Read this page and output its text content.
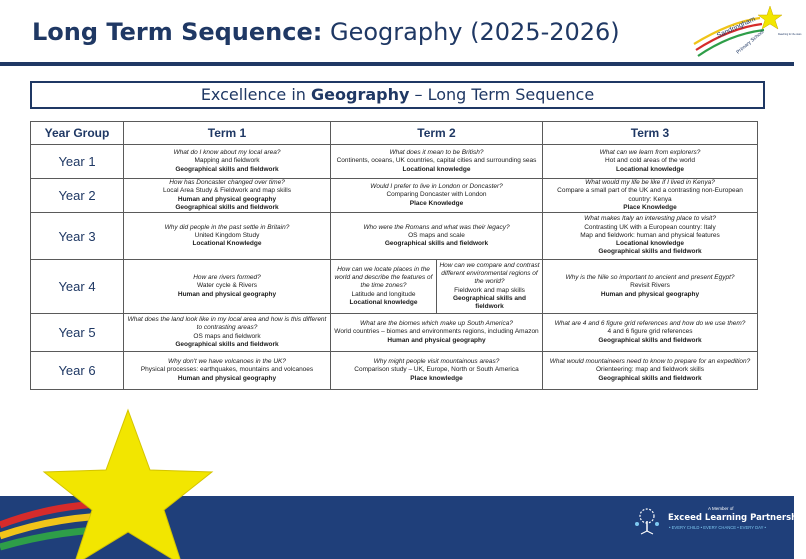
Long Term Sequence: Geography (2025-2026)	Sandringham
Primary School	Reaching for the stars
Excellence in Geography – Long Term Sequence
Year Group	Term 1	Term 2		Term 3
Year 1	What do I know about my local area?
Mapping and fieldwork
Geographical skills and fieldwork	What does it mean to be British?
Continents, oceans, UK countries, capital cities and surrounding seas
Locational knowledge		What can we learn from explorers?
Hot and cold areas of the world
Locational knowledge

Year 2	How has Doncaster changed over time?
Local Area Study & Fieldwork and map skills
Human and physical geography
Geographical skills and fieldwork	Would I prefer to live in London or Doncaster?
Comparing Doncaster with London
Place Knowledge		What would my life be like if I lived in Kenya?
Compare a small part of the UK and a contrasting non-European country: Kenya
Place Knowledge

Year 3	Why did people in the past settle in Britain?
United Kingdom Study
Locational Knowledge	Who were the Romans and what was their legacy?
OS maps and scale
Geographical skills and fieldwork		What makes Italy an interesting place to visit?
Contrasting UK with a European country: Italy
Map and fieldwork: human and physical features
Locational knowledge
Geographical skills and fieldwork

Year 4	How are rivers formed?
Water cycle & Rivers
Human and physical geography	How can we locate places in the world and describe the features of the time zones?
Latitude and longitude
Locational knowledge	How can we compare and contrast different environmental regions of the world?
Fieldwork and map skills
Geographical skills and fieldwork	Why is the Nile so important to ancient and present Egypt?
Revisit Rivers
Human and physical geography

Year 5	What does the land look like in my local area and how is this different to contrasting areas?
OS maps and fieldwork
Geographical skills and fieldwork	What are the biomes which make up South America?
World countries – biomes and environments regions, including Amazon
Human and physical geography		What are 4 and 6 figure grid references and how do we use them?
4 and 6 figure grid references
Geographical skills and fieldwork

Year 6	Why don't we have volcanoes in the UK?
Physical processes: earthquakes, mountains and volcanoes
Human and physical geography	Why might people visit mountainous areas?
Comparison study – UK, Europe, North or South America
Place knowledge		What would mountaineers need to know to prepare for an expedition?
Orienteering: map and fieldwork skills
Geographical skills and fieldwork
A Member of
Exceed Learning Partnership
• EVERY CHILD • EVERY CHANCE • EVERY DAY •
